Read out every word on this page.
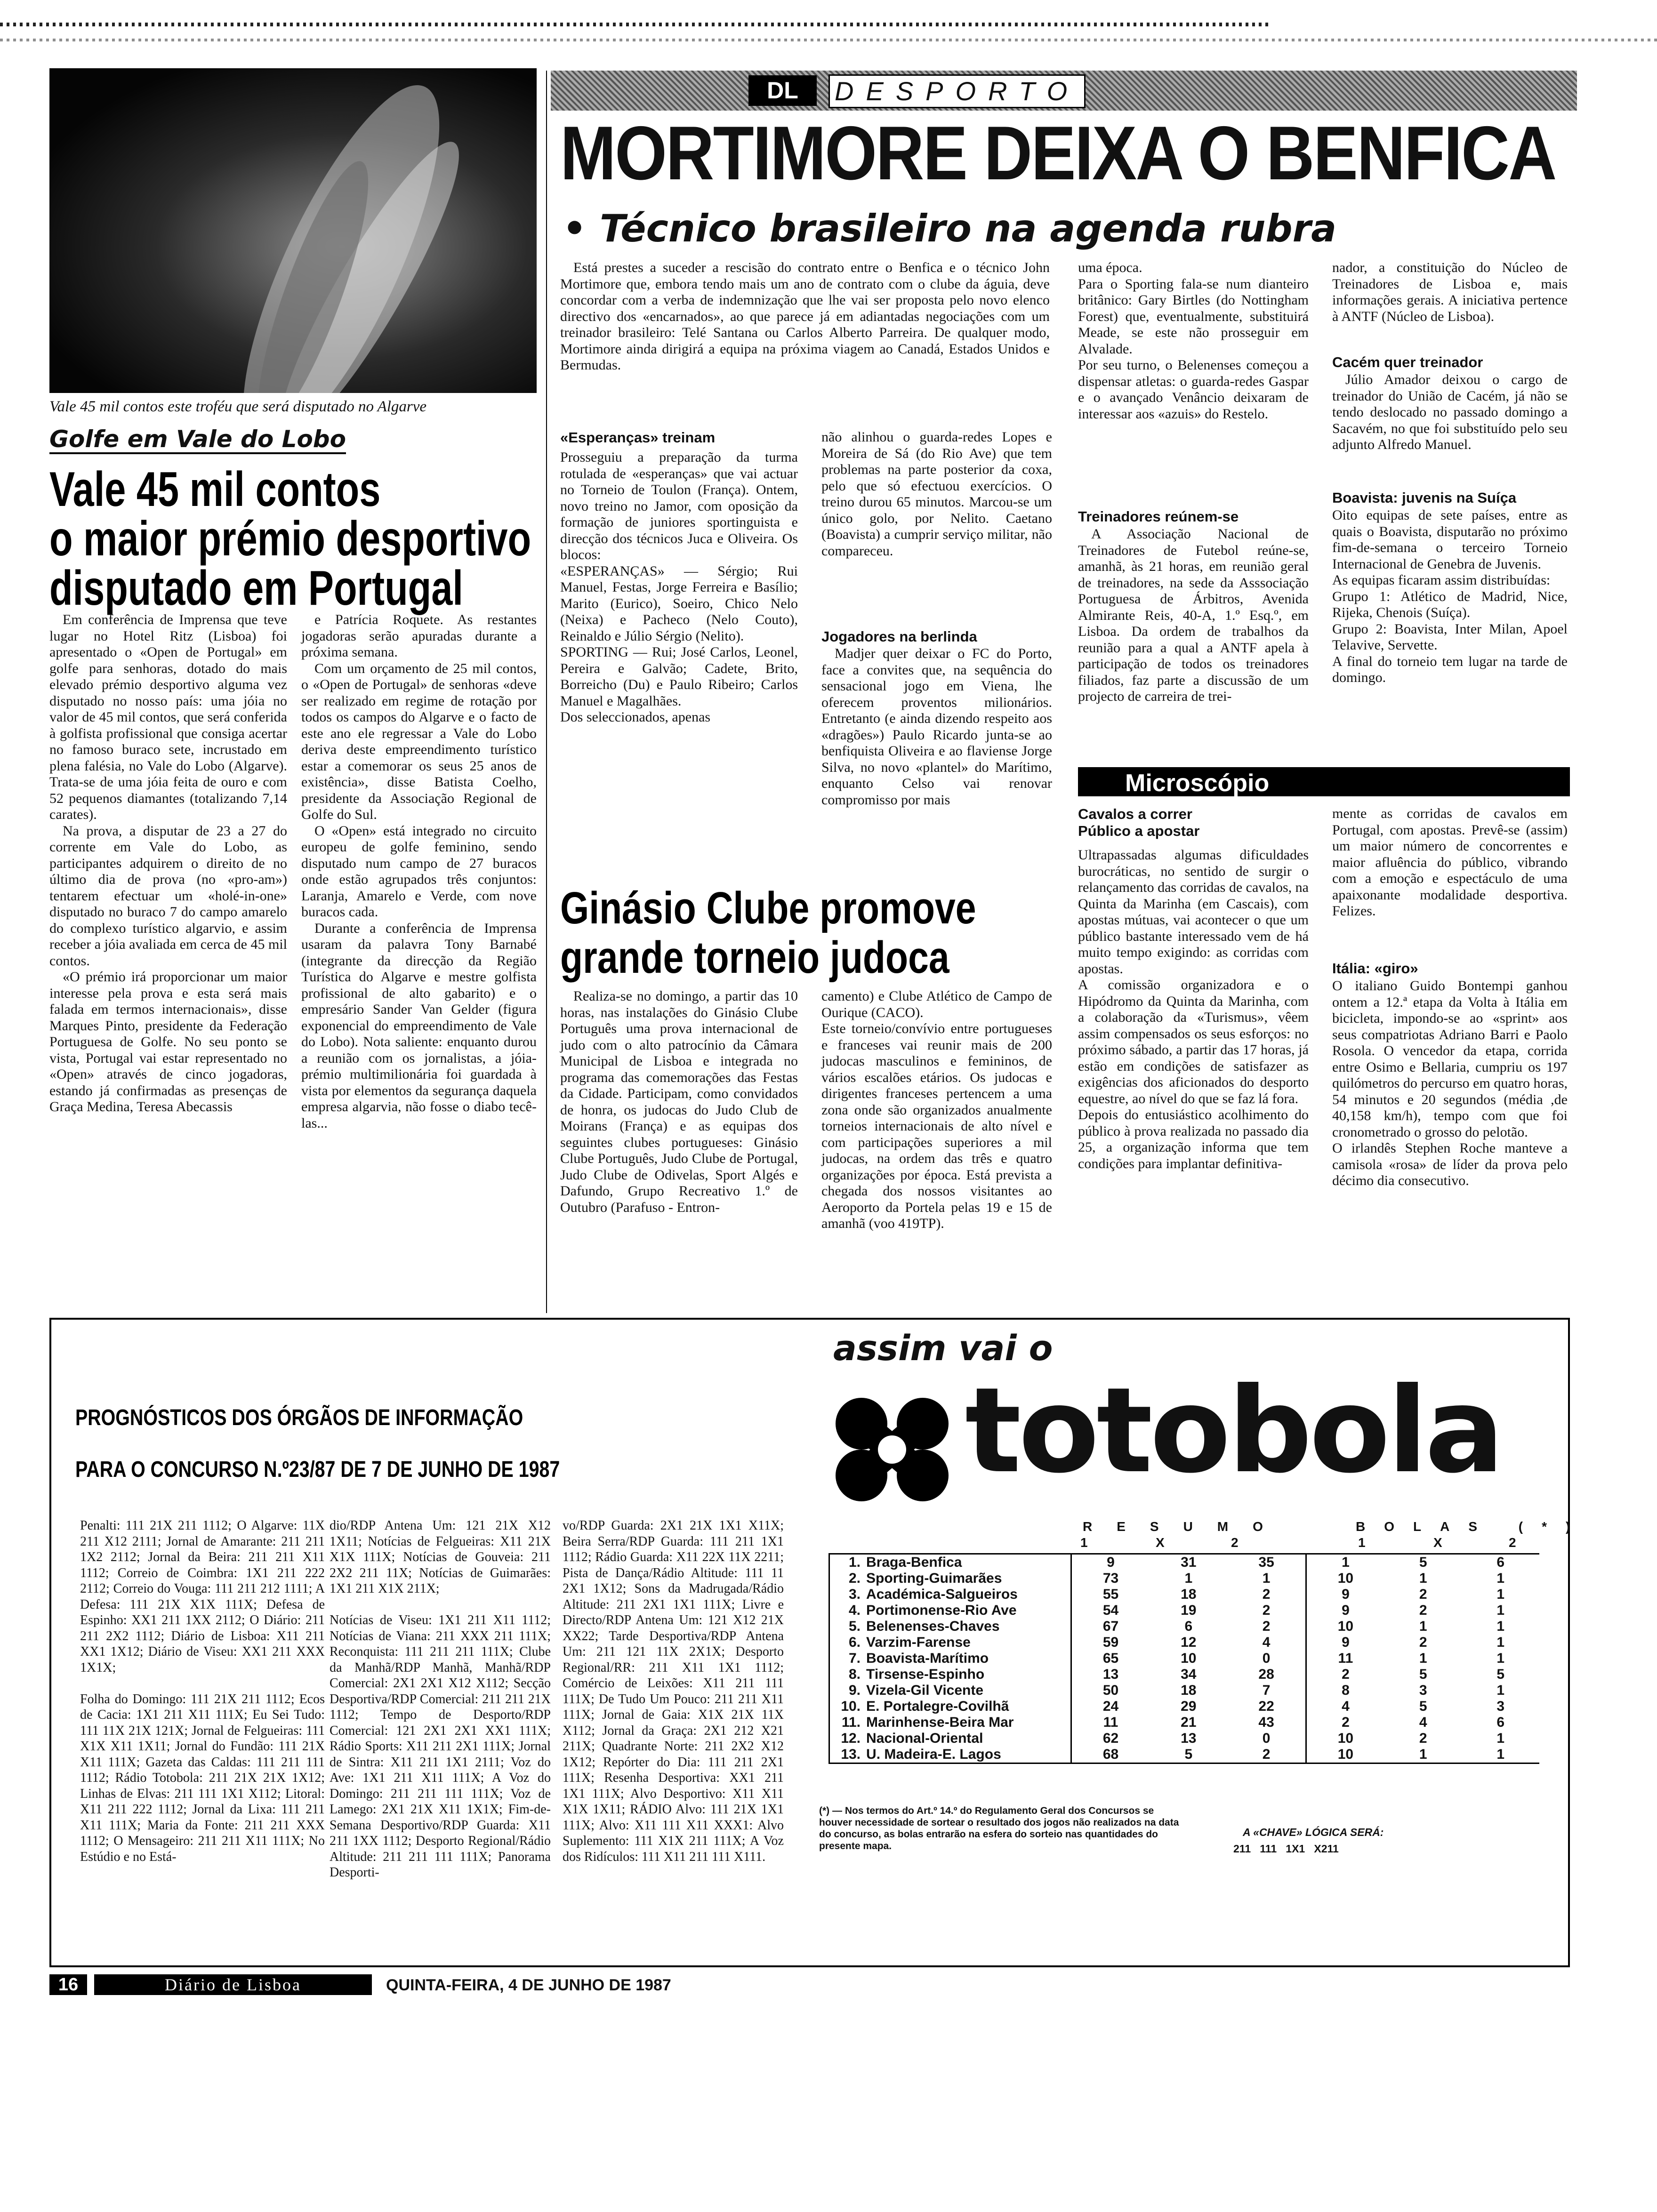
Vale 45 mil contos este troféu que será disputado no Algarve
DL	DESPORTO
MORTIMORE DEIXA O BENFICA
• Técnico brasileiro na agenda rubra

Está prestes a suceder a rescisão do contrato entre o Benfica e o técnico John Mortimore que, embora tendo mais um ano de contrato com o clube da águia, deve concordar com a verba de indemnização que lhe vai ser proposta pelo novo elenco directivo dos «encarnados», ao que parece já em adiantadas negociações com um treinador brasileiro: Telé Santana ou Carlos Alberto Parreira. De qualquer modo, Mortimore ainda dirigirá a equipa na próxima viagem ao Canadá, Estados Unidos e Bermudas.

«Esperanças» treinam
Prosseguiu a preparação da turma rotulada de «esperanças» que vai actuar no Torneio de Toulon (França). Ontem, novo treino no Jamor, com oposição da formação de juniores sportinguista e direcção dos técnicos Juca e Oliveira. Os blocos:
«ESPERANÇAS» — Sérgio; Rui Manuel, Festas, Jorge Ferreira e Basílio; Marito (Eurico), Soeiro, Chico Nelo (Neixa) e Pacheco (Nelo Couto), Reinaldo e Júlio Sérgio (Nelito).
SPORTING — Rui; José Carlos, Leonel, Pereira e Galvão; Cadete, Brito, Borreicho (Du) e Paulo Ribeiro; Carlos Manuel e Magalhães.
Dos seleccionados, apenas
não alinhou o guarda-redes Lopes e Moreira de Sá (do Rio Ave) que tem problemas na parte posterior da coxa, pelo que só efectuou exercícios. O treino durou 65 minutos. Marcou-se um único golo, por Nelito. Caetano (Boavista) a cumprir serviço militar, não compareceu.
Jogadores na berlinda
Madjer quer deixar o FC do Porto, face a convites que, na sequência do sensacional jogo em Viena, lhe oferecem proventos milionários. Entretanto (e ainda dizendo respeito aos «dragões») Paulo Ricardo junta-se ao benfiquista Oliveira e ao flaviense Jorge Silva, no novo «plantel» do Marítimo, enquanto Celso vai renovar compromisso por mais
uma época.
Para o Sporting fala-se num dianteiro britânico: Gary Birtles (do Nottingham Forest) que, eventualmente, substituirá Meade, se este não prosseguir em Alvalade.
Por seu turno, o Belenenses começou a dispensar atletas: o guarda-redes Gaspar e o avançado Venâncio deixaram de interessar aos «azuis» do Restelo.
Treinadores reúnem-se
A Associação Nacional de Treinadores de Futebol reúne-se, amanhã, às 21 horas, em reunião geral de treinadores, na sede da Asssociação Portuguesa de Árbitros, Avenida Almirante Reis, 40-A, 1.º Esq.º, em Lisboa. Da ordem de trabalhos da reunião para a qual a ANTF apela à participação de todos os treinadores filiados, faz parte a discussão de um projecto de carreira de trei-
nador, a constituição do Núcleo de Treinadores de Lisboa e, mais informações gerais. A iniciativa pertence à ANTF (Núcleo de Lisboa).
Cacém quer treinador
Júlio Amador deixou o cargo de treinador do União de Cacém, já não se tendo deslocado no passado domingo a Sacavém, no que foi substituído pelo seu adjunto Alfredo Manuel.
Boavista: juvenis na Suíça
Oito equipas de sete países, entre as quais o Boavista, disputarão no próximo fim-de-semana o terceiro Torneio Internacional de Genebra de Juvenis.
As equipas ficaram assim distribuídas:
Grupo 1: Atlético de Madrid, Nice, Rijeka, Chenois (Suíça).
Grupo 2: Boavista, Inter Milan, Apoel Telavive, Servette.
A final do torneio tem lugar na tarde de domingo.
Golfe em Vale do Lobo
Vale 45 mil contos
o maior prémio desportivo
disputado em Portugal

Em conferência de Imprensa que teve lugar no Hotel Ritz (Lisboa) foi apresentado o «Open de Portugal» em golfe para senhoras, dotado do mais elevado prémio desportivo alguma vez disputado no nosso país: uma jóia no valor de 45 mil contos, que será conferida à golfista profissional que consiga acertar no famoso buraco sete, incrustado em plena falésia, no Vale do Lobo (Algarve). Trata-se de uma jóia feita de ouro e com 52 pequenos diamantes (totalizando 7,14 carates).

Na prova, a disputar de 23 a 27 do corrente em Vale do Lobo, as participantes adquirem o direito de no último dia de prova (no «pro-am») tentarem efectuar um «holé-in-one» disputado no buraco 7 do campo amarelo do complexo turístico algarvio, e assim receber a jóia avaliada em cerca de 45 mil contos.

«O prémio irá proporcionar um maior interesse pela prova e esta será mais falada em termos internacionais», disse Marques Pinto, presidente da Federação Portuguesa de Golfe. No seu ponto se vista, Portugal vai estar representado no «Open» através de cinco jogadoras, estando já confirmadas as presenças de Graça Medina, Teresa Abecassis

e Patrícia Roquete. As restantes jogadoras serão apuradas durante a próxima semana.

Com um orçamento de 25 mil contos, o «Open de Portugal» de senhoras «deve ser realizado em regime de rotação por todos os campos do Algarve e o facto de este ano ele regressar a Vale do Lobo deriva deste empreendimento turístico estar a comemorar os seus 25 anos de existência», disse Batista Coelho, presidente da Associação Regional de Golfe do Sul.

O «Open» está integrado no circuito europeu de golfe feminino, sendo disputado num campo de 27 buracos onde estão agrupados três conjuntos: Laranja, Amarelo e Verde, com nove buracos cada.

Durante a conferência de Imprensa usaram da palavra Tony Barnabé (integrante da direcção da Região Turística do Algarve e mestre golfista profissional de alto gabarito) e o empresário Sander Van Gelder (figura exponencial do empreendimento de Vale do Lobo). Nota saliente: enquanto durou a reunião com os jornalistas, a jóia-prémio multimilionária foi guardada à vista por elementos da segurança daquela empresa algarvia, não fosse o diabo tecê-las...

Ginásio Clube promove
grande torneio judoca
Realiza-se no domingo, a partir das 10 horas, nas instalações do Ginásio Clube Português uma prova internacional de judo com o alto patrocínio da Câmara Municipal de Lisboa e integrada no programa das comemorações das Festas da Cidade. Participam, como convidados de honra, os judocas do Judo Club de Moirans (França) e as equipas dos seguintes clubes portugueses: Ginásio Clube Português, Judo Clube de Portugal, Judo Clube de Odivelas, Sport Algés e Dafundo, Grupo Recreativo 1.º de Outubro (Parafuso - Entron-
camento) e Clube Atlético de Campo de Ourique (CACO).
Este torneio/convívio entre portugueses e franceses vai reunir mais de 200 judocas masculinos e femininos, de vários escalões etários. Os judocas e dirigentes franceses pertencem a uma zona onde são organizados anualmente torneios internacionais de alto nível e com participações superiores a mil judocas, na ordem das três e quatro organizações por época. Está prevista a chegada dos nossos visitantes ao Aeroporto da Portela pelas 19 e 15 de amanhã (voo 419TP).
Microscópio
Cavalos a correr
Público a apostar
Ultrapassadas algumas dificuldades burocráticas, no sentido de surgir o relançamento das corridas de cavalos, na Quinta da Marinha (em Cascais), com apostas mútuas, vai acontecer o que um público bastante interessado vem de há muito tempo exigindo: as corridas com apostas.
A comissão organizadora e o Hipódromo da Quinta da Marinha, com a colaboração da «Turismus», vêem assim compensados os seus esforços: no próximo sábado, a partir das 17 horas, já estão em condições de satisfazer as exigências dos aficionados do desporto equestre, ao nível do que se faz lá fora.
Depois do entusiástico acolhimento do público à prova realizada no passado dia 25, a organização informa que tem condições para implantar definitiva-
mente as corridas de cavalos em Portugal, com apostas. Prevê-se (assim) um maior número de concorrentes e maior afluência do público, vibrando com a emoção e espectáculo de uma apaixonante modalidade desportiva. Felizes.
Itália: «giro»
O italiano Guido Bontempi ganhou ontem a 12.ª etapa da Volta à Itália em bicicleta, impondo-se ao «sprint» aos seus compatriotas Adriano Barri e Paolo Rosola. O vencedor da etapa, corrida entre Osimo e Bellaria, cumpriu os 197 quilómetros do percurso em quatro horas, 54 minutos e 20 segundos (média ,de 40,158 km/h), tempo com que foi cronometrado o grosso do pelotão.
O irlandês Stephen Roche manteve a camisola «rosa» de líder da prova pelo décimo dia consecutivo.
PROGNÓSTICOS DOS ÓRGÃOS DE INFORMAÇÃO
PARA O CONCURSO N.º23/87 DE 7 DE JUNHO DE 1987
Penalti: 111 21X 211 1112; O Algarve: 11X 211 X12 2111; Jornal de Amarante: 211 211 1X2 2112; Jornal da Beira: 211 211 X11 1112; Correio de Coimbra: 1X1 211 222 2112; Correio do Vouga: 111 211 212 1111; A Defesa: 111 21X X1X 111X; Defesa de Espinho: XX1 211 1XX 2112; O Diário: 211 211 2X2 1112; Diário de Lisboa: X11 211 XX1 1X12; Diário de Viseu: XX1 211 XXX 1X1X;

Folha do Domingo: 111 21X 211 1112; Ecos de Cacia: 1X1 211 X11 111X; Eu Sei Tudo: 111 11X 21X 121X; Jornal de Felgueiras: 111 X1X X11 1X11; Jornal do Fundão: 111 21X X11 111X; Gazeta das Caldas: 111 211 111 1112; Rádio Totobola: 211 21X 21X 1X12; Linhas de Elvas: 211 111 1X1 X112; Litoral: X11 211 222 1112; Jornal da Lixa: 111 211 X11 111X; Maria da Fonte: 211 211 XXX 1112; O Mensageiro: 211 211 X11 111X; No Estúdio e no Está-
dio/RDP Antena Um: 121 21X X12 1X11; Notícias de Felgueiras: X11 21X X1X 111X; Notícias de Gouveia: 211 2X2 211 11X; Notícias de Guimarães: 1X1 211 X1X 211X;

Notícias de Viseu: 1X1 211 X11 1112; Notícias de Viana: 211 XXX 211 111X; Reconquista: 111 211 211 111X; Clube da Manhã/RDP Manhã, Manhã/RDP Comercial: 2X1 2X1 X12 X112; Secção Desportiva/RDP Comercial: 211 211 21X 1112; Tempo de Desporto/RDP Comercial: 121 2X1 2X1 XX1 111X; Rádio Sports: X11 211 2X1 111X; Jornal de Sintra: X11 211 1X1 2111; Voz do Ave: 1X1 211 X11 111X; A Voz do Domingo: 211 211 111 111X; Voz de Lamego: 2X1 21X X11 1X1X; Fim-de-Semana Desportivo/RDP Guarda: X11 211 1XX 1112; Desporto Regional/Rádio Altitude: 211 211 111 111X; Panorama Desporti-
vo/RDP Guarda: 2X1 21X 1X1 X11X; Beira Serra/RDP Guarda: 111 211 1X1 1112; Rádio Guarda: X11 22X 11X 2211; Pista de Dança/Rádio Altitude: 111 11 2X1 1X12; Sons da Madrugada/Rádio Altitude: 211 2X1 1X1 111X; Livre e Directo/RDP Antena Um: 121 X12 21X XX22; Tarde Desportiva/RDP Antena Um: 211 121 11X 2X1X; Desporto Regional/RR: 211 X11 1X1 1112; Comércio de Leixões: X11 211 111 111X; De Tudo Um Pouco: 211 211 X11 111X; Jornal de Gaia: X1X 21X 11X X112; Jornal da Graça: 2X1 212 X21 211X; Quadrante Norte: 211 2X2 X12 1X12; Repórter do Dia: 111 211 2X1 111X; Resenha Desportiva: XX1 211 1X1 111X; Alvo Desportivo: X11 X11 X1X 1X11; RÁDIO Alvo: 111 21X 1X1 111X; Alvo: X11 111 X11 XXX1: Alvo Suplemento: 111 X1X 211 111X; A Voz dos Ridículos: 111 X11 211 111 X111.
assim vai o
totobola
RESUMO	BOLAS (*)
1	X	2	1	X	2
1.	Braga-Benfica	9	31	35	1	5	6
2.	Sporting-Guimarães	73	1	1	10	1	1
3.	Académica-Salgueiros	55	18	2	9	2	1
4.	Portimonense-Rio Ave	54	19	2	9	2	1
5.	Belenenses-Chaves	67	6	2	10	1	1
6.	Varzim-Farense	59	12	4	9	2	1
7.	Boavista-Marítimo	65	10	0	11	1	1
8.	Tirsense-Espinho	13	34	28	2	5	5
9.	Vizela-Gil Vicente	50	18	7	8	3	1
10.	E. Portalegre-Covilhã	24	29	22	4	5	3
11.	Marinhense-Beira Mar	11	21	43	2	4	6
12.	Nacional-Oriental	62	13	0	10	2	1
13.	U. Madeira-E. Lagos	68	5	2	10	1	1
(*) — Nos termos do Art.º 14.º do Regulamento Geral dos Concursos se houver necessidade de sortear o resultado dos jogos não realizados na data do concurso, as bolas entrarão na esfera do sorteio nas quantidades do presente mapa.
A «CHAVE» LÓGICA SERÁ:
211   111   1X1   X211
16	Diário de Lisboa	QUINTA-FEIRA, 4 DE JUNHO DE 1987
